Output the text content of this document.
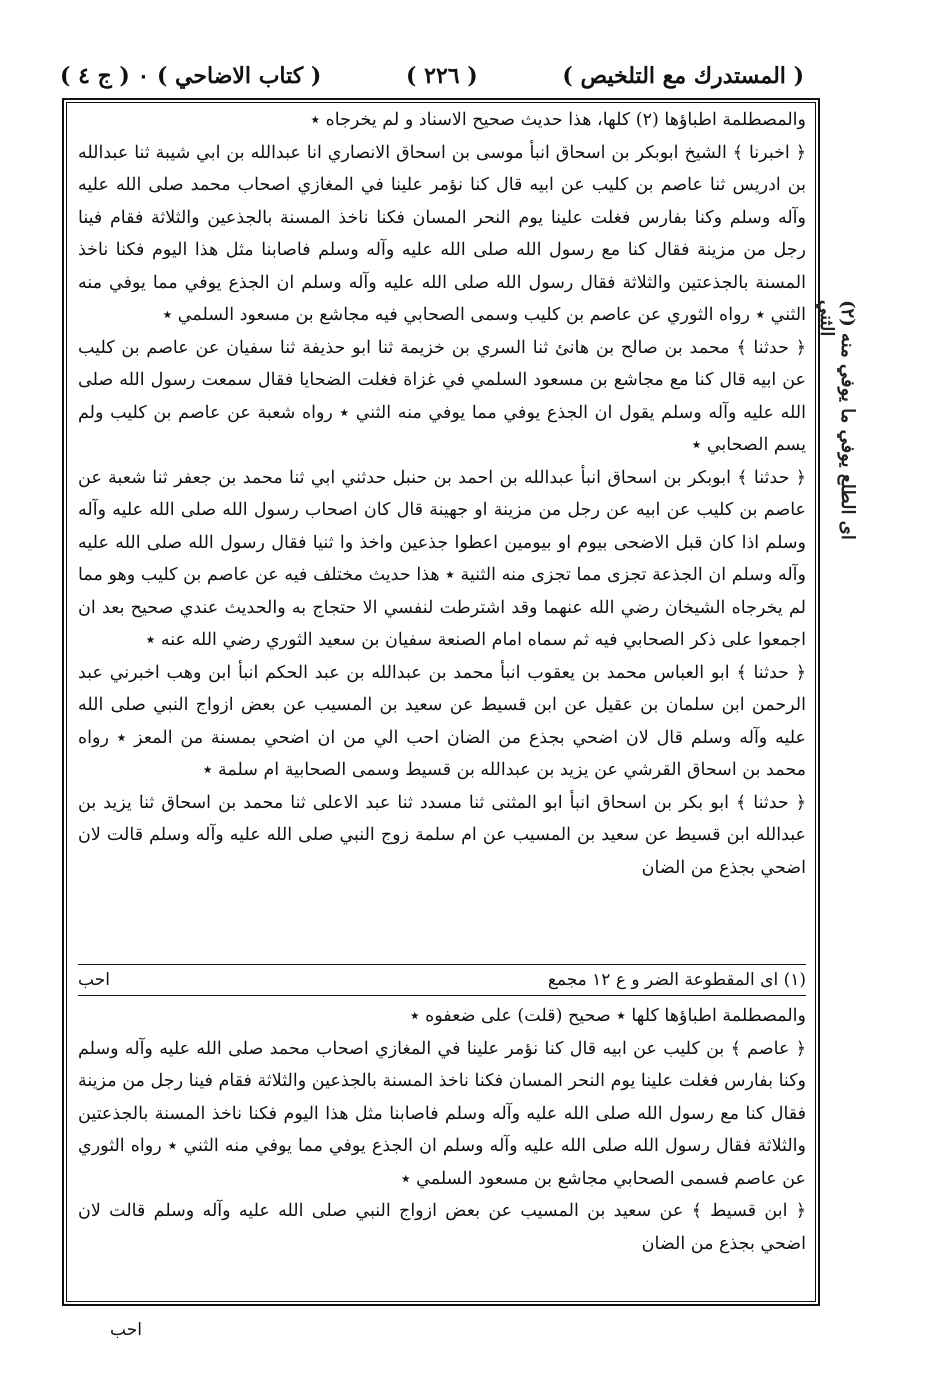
( المستدرك مع التلخيص )
( ٢٢٦ )
( كتاب الاضاحي ) ٠ ( ج ٤ )

والمصطلمة اطباؤها (٢) كلها، هذا حديث صحيح الاسناد و لم يخرجاه ٭

﴿ اخبرنا ﴾ الشيخ ابوبكر بن اسحاق انبأ موسى بن اسحاق الانصاري انا عبدالله بن ابي شيبة ثنا عبدالله بن ادريس ثنا عاصم بن كليب عن ابيه قال كنا نؤمر علينا في المغازي اصحاب محمد صلى الله عليه وآله وسلم وكنا بفارس فغلت علينا يوم النحر المسان فكنا ناخذ المسنة بالجذعين والثلاثة فقام فينا رجل من مزينة فقال كنا مع رسول الله صلى الله عليه وآله وسلم فاصابنا مثل هذا اليوم فكنا ناخذ المسنة بالجذعتين والثلاثة فقال رسول الله صلى الله عليه وآله وسلم ان الجذع يوفي مما يوفي منه الثني ٭ رواه الثوري عن عاصم بن كليب وسمى الصحابي فيه مجاشع بن مسعود السلمي ٭

﴿ حدثنا ﴾ محمد بن صالح بن هانئ ثنا السري بن خزيمة ثنا ابو حذيفة ثنا سفيان عن عاصم بن كليب عن ابيه قال كنا مع مجاشع بن مسعود السلمي في غزاة فغلت الضحايا فقال سمعت رسول الله صلى الله عليه وآله وسلم يقول ان الجذع يوفي مما يوفي منه الثني ٭ رواه شعبة عن عاصم بن كليب ولم يسم الصحابي ٭

﴿ حدثنا ﴾ ابوبكر بن اسحاق انبأ عبدالله بن احمد بن حنبل حدثني ابي ثنا محمد بن جعفر ثنا شعبة عن عاصم بن كليب عن ابيه عن رجل من مزينة او جهينة قال كان اصحاب رسول الله صلى الله عليه وآله وسلم اذا كان قبل الاضحى بيوم او بيومين اعطوا جذعين واخذ وا ثنيا فقال رسول الله صلى الله عليه وآله وسلم ان الجذعة تجزى مما تجزى منه الثنية ٭ هذا حديث مختلف فيه عن عاصم بن كليب وهو مما لم يخرجاه الشيخان رضي الله عنهما وقد اشترطت لنفسي الا حتجاج به والحديث عندي صحيح بعد ان اجمعوا على ذكر الصحابي فيه ثم سماه امام الصنعة سفيان بن سعيد الثوري رضي الله عنه ٭

﴿ حدثنا ﴾ ابو العباس محمد بن يعقوب انبأ محمد بن عبدالله بن عبد الحكم انبأ ابن وهب اخبرني عبد الرحمن ابن سلمان بن عقيل عن ابن قسيط عن سعيد بن المسيب عن بعض ازواج النبي صلى الله عليه وآله وسلم قال لان اضحي بجذع من الضان احب الي من ان اضحي بمسنة من المعز ٭ رواه محمد بن اسحاق القرشي عن يزيد بن عبدالله بن قسيط وسمى الصحابية ام سلمة ٭

﴿ حدثنا ﴾ ابو بكر بن اسحاق انبأ ابو المثنى ثنا مسدد ثنا عبد الاعلى ثنا محمد بن اسحاق ثنا يزيد بن عبدالله ابن قسيط عن سعيد بن المسيب عن ام سلمة زوج النبي صلى الله عليه وآله وسلم قالت لان اضحي بجذع من الضان

(١) اى المقطوعة الضر و ع ١٢ مجمع
احب

والمصطلمة اطباؤها كلها ٭ صحيح (قلت) على ضعفوه ٭

﴿ عاصم ﴾ بن كليب عن ابيه قال كنا نؤمر علينا في المغازي اصحاب محمد صلى الله عليه وآله وسلم وكنا بفارس فغلت علينا يوم النحر المسان فكنا ناخذ المسنة بالجذعين والثلاثة فقام فينا رجل من مزينة فقال كنا مع رسول الله صلى الله عليه وآله وسلم فاصابنا مثل هذا اليوم فكنا ناخذ المسنة بالجذعتين والثلاثة فقال رسول الله صلى الله عليه وآله وسلم ان الجذع يوفي مما يوفي منه الثني ٭ رواه الثوري عن عاصم فسمى الصحابي مجاشع بن مسعود السلمي ٭

﴿ ابن قسيط ﴾ عن سعيد بن المسيب عن بعض ازواج النبي صلى الله عليه وآله وسلم قالت لان اضحي بجذع من الضان

(٢) اى الطلع يوفي ما يوفي منه الثني
احب
